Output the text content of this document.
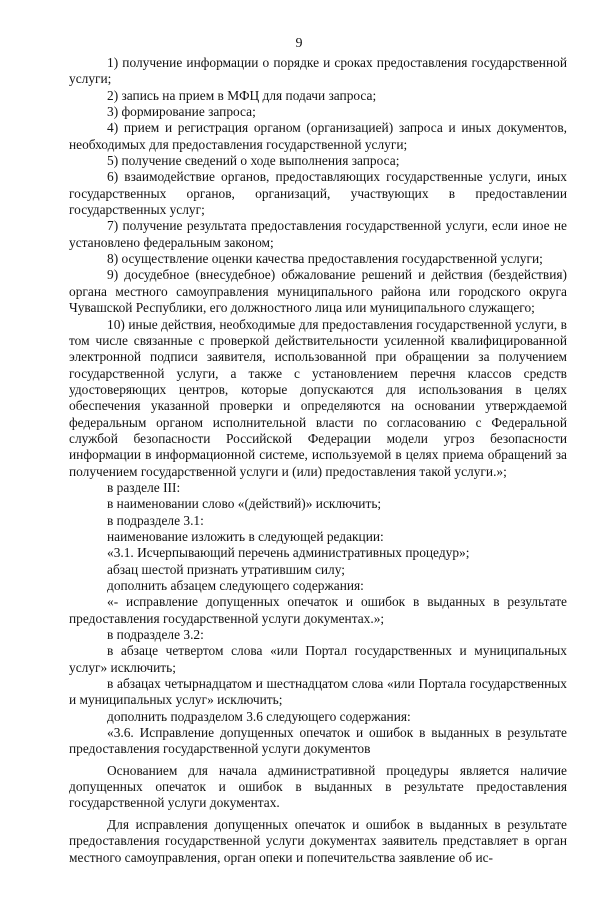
9

1) получение информации о порядке и сроках предоставления государственной услуги;

2) запись на прием в МФЦ для подачи запроса;

3) формирование запроса;

4) прием и регистрация органом (организацией) запроса и иных документов, необходимых для предоставления государственной услуги;

5) получение сведений о ходе выполнения запроса;

6) взаимодействие органов, предоставляющих государственные услуги, иных государственных органов, организаций, участвующих в предоставлении государственных услуг;

7) получение результата предоставления государственной услуги, если иное не установлено федеральным законом;

8) осуществление оценки качества предоставления государственной услуги;

9) досудебное (внесудебное) обжалование решений и действия (бездействия) органа местного самоуправления муниципального района или городского округа Чувашской Республики, его должностного лица или муниципального служащего;

10) иные действия, необходимые для предоставления государственной услуги, в том числе связанные с проверкой действительности усиленной квалифицированной электронной подписи заявителя, использованной при обращении за получением государственной услуги, а также с установлением перечня классов средств удостоверяющих центров, которые допускаются для использования в целях обеспечения указанной проверки и определяются на основании утверждаемой федеральным органом исполнительной власти по согласованию с Федеральной службой безопасности Российской Федерации модели угроз безопасности информации в информационной системе, используемой в целях приема обращений за получением государственной услуги и (или) предоставления такой услуги.»;

в разделе III:

в наименовании слово «(действий)» исключить;

в подразделе 3.1:

наименование изложить в следующей редакции:

«3.1. Исчерпывающий перечень административных процедур»;

абзац шестой признать утратившим силу;

дополнить абзацем следующего содержания:

«- исправление допущенных опечаток и ошибок в выданных в результате предоставления государственной услуги документах.»;

в подразделе 3.2:

в абзаце четвертом слова «или Портал государственных и муниципальных услуг» исключить;

в абзацах четырнадцатом и шестнадцатом слова «или Портала государственных и муниципальных услуг» исключить;

дополнить подразделом 3.6 следующего содержания:

«3.6. Исправление допущенных опечаток и ошибок в выданных в результате предоставления государственной услуги документов

Основанием для начала административной процедуры является наличие допущенных опечаток и ошибок в выданных в результате предоставления государственной услуги документах.

Для исправления допущенных опечаток и ошибок в выданных в результате предоставления государственной услуги документах заявитель представляет в орган местного самоуправления, орган опеки и попечительства заявление об ис-
